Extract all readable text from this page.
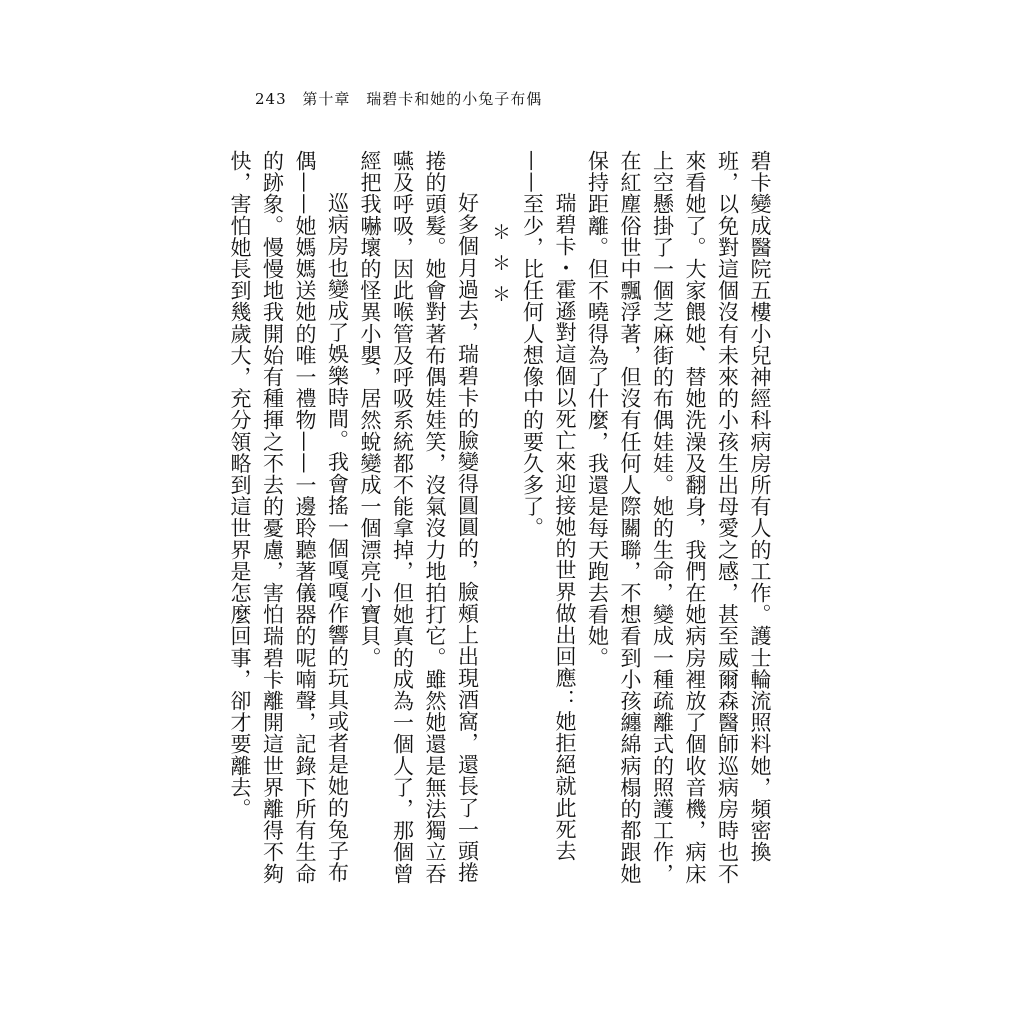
243 第十章 瑞碧卡和她的小兔子布偶

碧卡變成醫院五樓小兒神經科病房所有人的工作。護士輪流照料她，頻密換班，以免對這個沒有未來的小孩生出母愛之感，甚至威爾森醫師巡病房時也不來看她了。大家餵她、替她洗澡及翻身，我們在她病房裡放了個收音機，病床上空懸掛了一個芝麻街的布偶娃娃。她的生命，變成一種疏離式的照護工作，在紅塵俗世中飄浮著，但沒有任何人際關聯，不想看到小孩纏綿病榻的都跟她保持距離。但不曉得為了什麼，我還是每天跑去看她。

瑞碧卡・霍遜對這個以死亡來迎接她的世界做出回應：她拒絕就此死去——至少，比任何人想像中的要久多了。

＊＊＊

好多個月過去，瑞碧卡的臉變得圓圓的，臉頰上出現酒窩，還長了一頭捲捲的頭髮。她會對著布偶娃娃笑，沒氣沒力地拍打它。雖然她還是無法獨立吞嚥及呼吸，因此喉管及呼吸系統都不能拿掉，但她真的成為一個人了，那個曾經把我嚇壞的怪異小嬰，居然蛻變成一個漂亮小寶貝。

巡病房也變成了娛樂時間。我會搖一個嘎嘎作響的玩具或者是她的兔子布偶——她媽媽送她的唯一禮物——一邊聆聽著儀器的呢喃聲，記錄下所有生命的跡象。慢慢地我開始有種揮之不去的憂慮，害怕瑞碧卡離開這世界離得不夠快，害怕她長到幾歲大，充分領略到這世界是怎麼回事，卻才要離去。
